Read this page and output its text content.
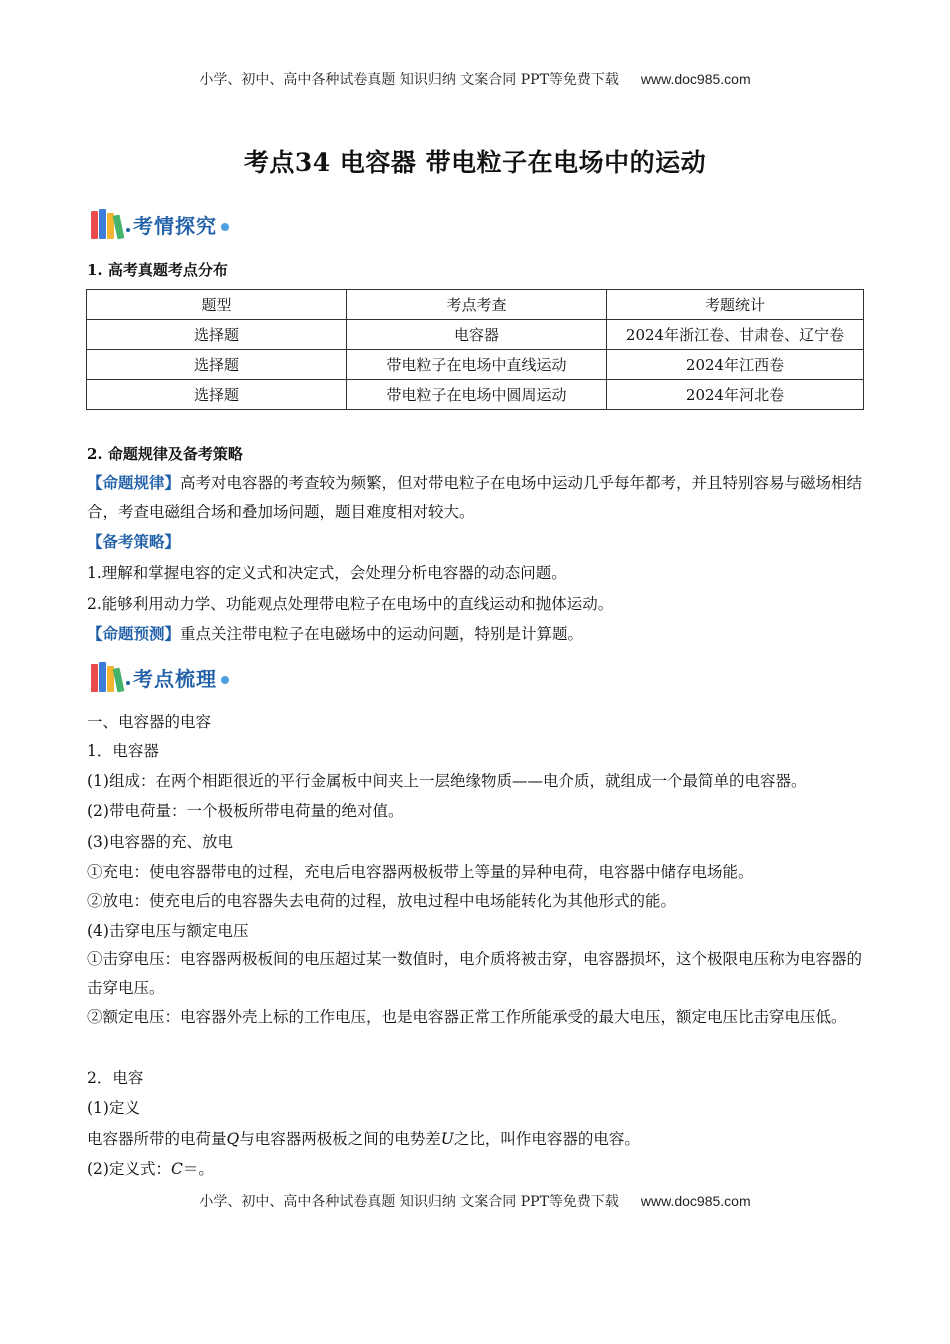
小学、初中、高中各种试卷真题 知识归纳 文案合同 PPT等免费下载 www.doc985.com
考点34 电容器 带电粒子在电场中的运动
考情探究
1. 高考真题考点分布
题型	考点考查	考题统计
选择题	电容器	2024年浙江卷、甘肃卷、辽宁卷
选择题	带电粒子在电场中直线运动	2024年江西卷
选择题	带电粒子在电场中圆周运动	2024年河北卷
2. 命题规律及备考策略
【命题规律】高考对电容器的考查较为频繁，但对带电粒子在电场中运动几乎每年都考，并且特别容易与磁场相结合，考查电磁组合场和叠加场问题，题目难度相对较大。
【备考策略】
1.理解和掌握电容的定义式和决定式，会处理分析电容器的动态问题。
2.能够利用动力学、功能观点处理带电粒子在电场中的直线运动和抛体运动。
【命题预测】重点关注带电粒子在电磁场中的运动问题，特别是计算题。
考点梳理
一、电容器的电容
1．电容器
(1)组成：在两个相距很近的平行金属板中间夹上一层绝缘物质——电介质，就组成一个最简单的电容器。
(2)带电荷量：一个极板所带电荷量的绝对值。
(3)电容器的充、放电
①充电：使电容器带电的过程，充电后电容器两极板带上等量的异种电荷，电容器中储存电场能。
②放电：使充电后的电容器失去电荷的过程，放电过程中电场能转化为其他形式的能。
(4)击穿电压与额定电压
①击穿电压：电容器两极板间的电压超过某一数值时，电介质将被击穿，电容器损坏，这个极限电压称为电容器的击穿电压。
②额定电压：电容器外壳上标的工作电压，也是电容器正常工作所能承受的最大电压，额定电压比击穿电压低。
2．电容
(1)定义
电容器所带的电荷量Q与电容器两极板之间的电势差U之比，叫作电容器的电容。
(2)定义式：C＝。
小学、初中、高中各种试卷真题 知识归纳 文案合同 PPT等免费下载 www.doc985.com
